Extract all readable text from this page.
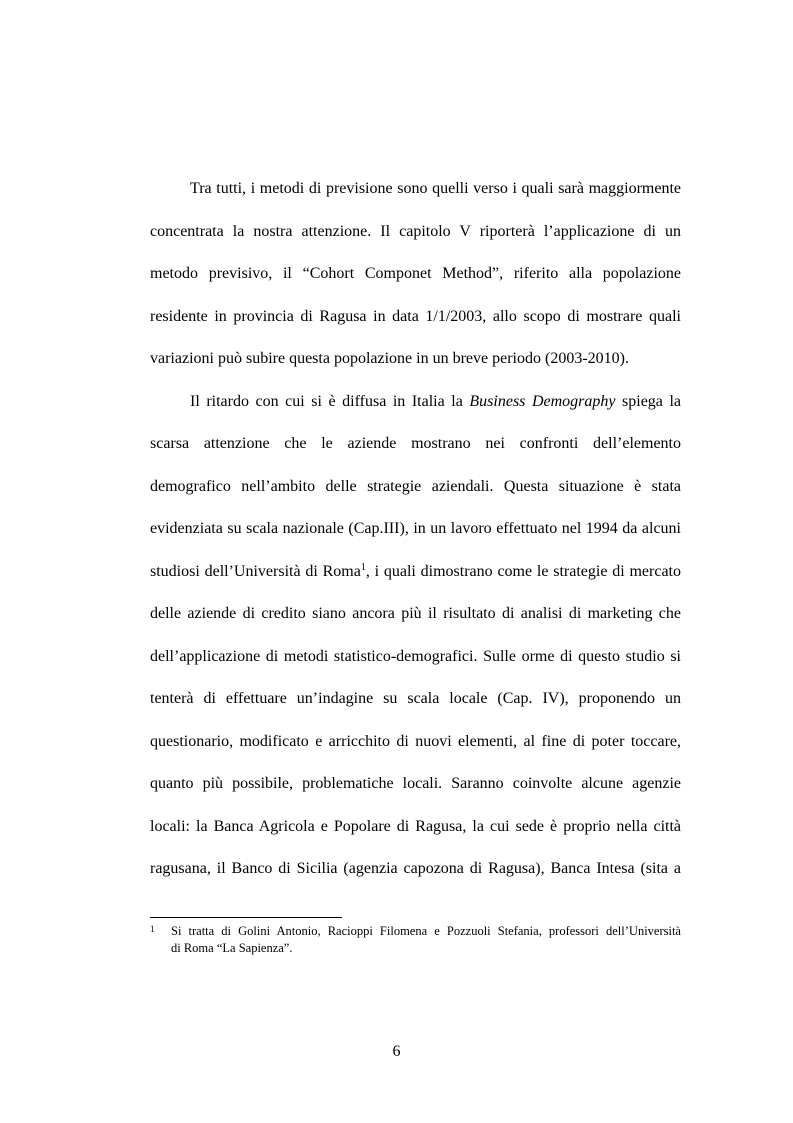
Tra tutti, i metodi di previsione sono quelli verso i quali sarà maggiormente
concentrata la nostra attenzione. Il capitolo V riporterà l’applicazione di un
metodo previsivo, il “Cohort Componet Method”, riferito alla popolazione
residente in provincia di Ragusa in data 1/1/2003, allo scopo di mostrare quali
variazioni può subire questa popolazione in un breve periodo (2003-2010).
Il ritardo con cui si è diffusa in Italia la Business Demography spiega la
scarsa attenzione che le aziende mostrano nei confronti dell’elemento
demografico nell’ambito delle strategie aziendali. Questa situazione è stata
evidenziata su scala nazionale (Cap.III), in un lavoro effettuato nel 1994 da alcuni
studiosi dell’Università di Roma$^1$, i quali dimostrano come le strategie di mercato
delle aziende di credito siano ancora più il risultato di analisi di marketing che
dell’applicazione di metodi statistico-demografici. Sulle orme di questo studio si
tenterà di effettuare un’indagine su scala locale (Cap. IV), proponendo un
questionario, modificato e arricchito di nuovi elementi, al fine di poter toccare,
quanto più possibile, problematiche locali. Saranno coinvolte alcune agenzie
locali: la Banca Agricola e Popolare di Ragusa, la cui sede è proprio nella città
ragusana, il Banco di Sicilia (agenzia capozona di Ragusa), Banca Intesa (sita a
1 Si tratta di Golini Antonio, Racioppi Filomena e Pozzuoli Stefania, professori dell’Università
di Roma “La Sapienza”.
6
